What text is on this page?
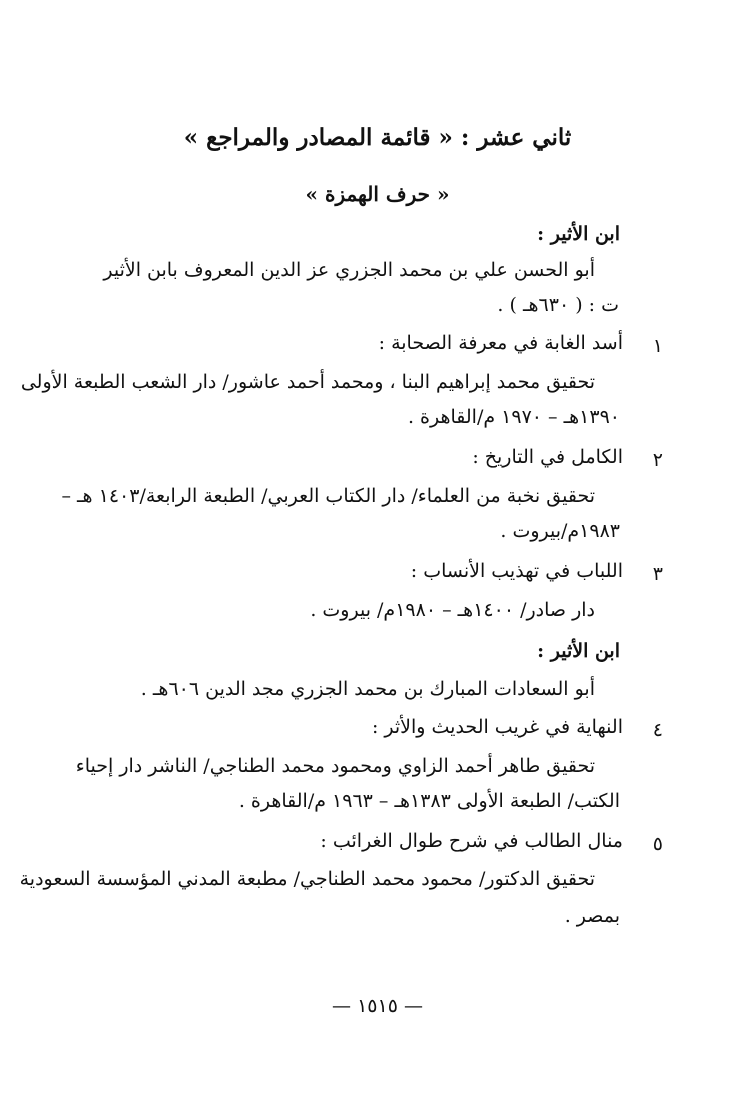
ثاني عشر : « قائمة المصادر والمراجع »
« حرف الهمزة »
ابن الأثير :
أبو الحسن علي بن محمد الجزري عز الدين المعروف بابن الأثير
ت : ( ٦٣٠هـ ) .
١
أسد الغابة في معرفة الصحابة :
تحقيق محمد إبراهيم البنا ، ومحمد أحمد عاشور/ دار الشعب الطبعة الأولى
١٣٩٠هـ – ١٩٧٠ م/القاهرة .
٢
الكامل في التاريخ :
تحقيق نخبة من العلماء/ دار الكتاب العربي/ الطبعة الرابعة/١٤٠٣ هـ –
١٩٨٣م/بيروت .
٣
اللباب في تهذيب الأنساب :
دار صادر/ ١٤٠٠هـ – ١٩٨٠م/ بيروت .
ابن الأثير :
أبو السعادات المبارك بن محمد الجزري مجد الدين ٦٠٦هـ .
٤
النهاية في غريب الحديث والأثر :
تحقيق طاهر أحمد الزاوي ومحمود محمد الطناجي/ الناشر دار إحياء
الكتب/ الطبعة الأولى ١٣٨٣هـ – ١٩٦٣ م/القاهرة .
٥
منال الطالب في شرح طوال الغرائب :
تحقيق الدكتور/ محمود محمد الطناجي/ مطبعة المدني المؤسسة السعودية
بمصر .
— ١٥١٥ —
